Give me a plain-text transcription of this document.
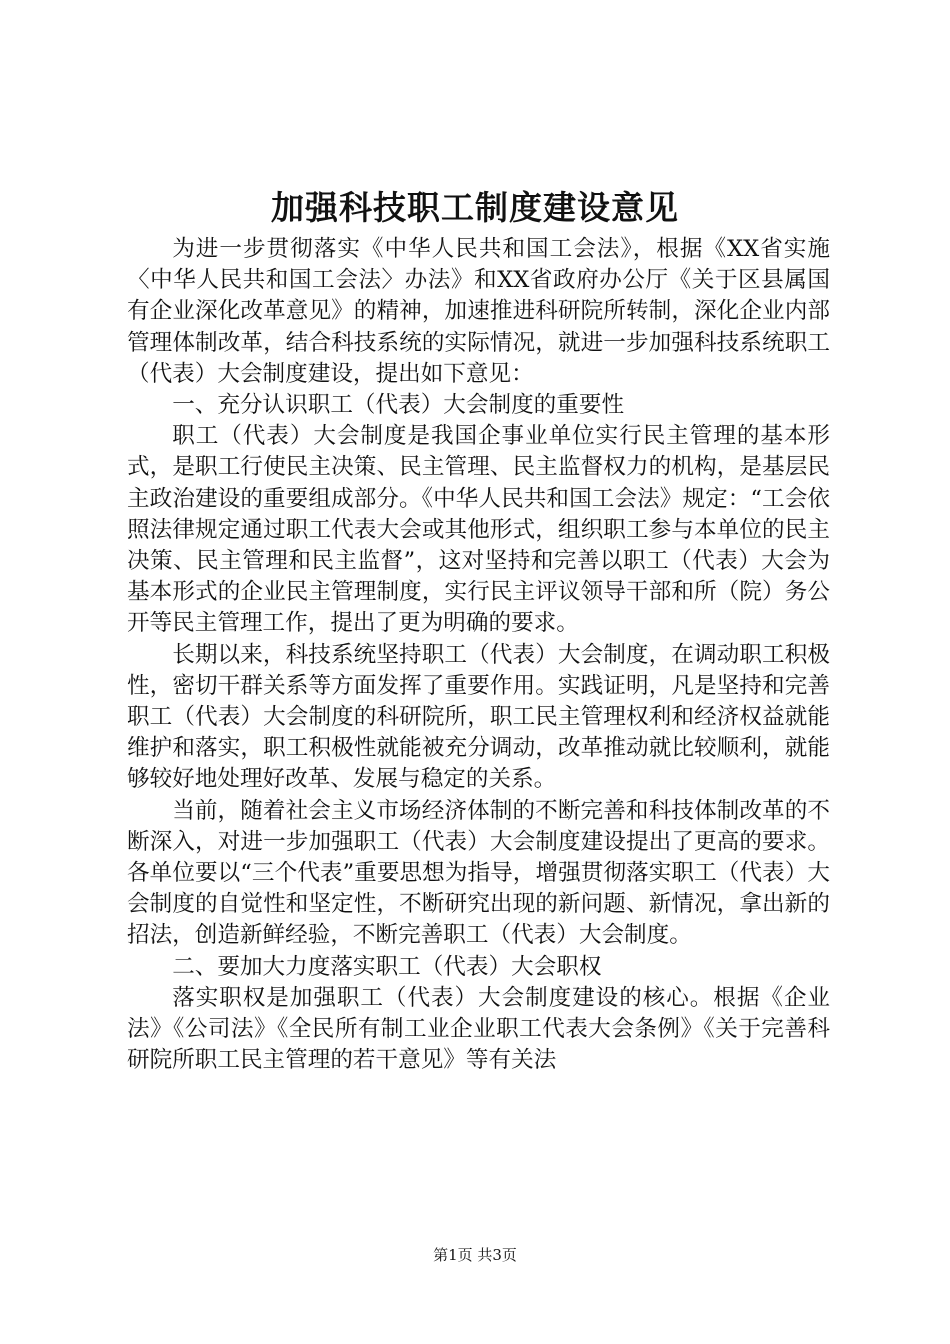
加强科技职工制度建设意见

为进一步贯彻落实《中华人民共和国工会法》，根据《XX省实施〈中华人民共和国工会法〉办法》和XX省政府办公厅《关于区县属国有企业深化改革意见》的精神，加速推进科研院所转制，深化企业内部管理体制改革，结合科技系统的实际情况，就进一步加强科技系统职工（代表）大会制度建设，提出如下意见：

一、充分认识职工（代表）大会制度的重要性

职工（代表）大会制度是我国企事业单位实行民主管理的基本形式，是职工行使民主决策、民主管理、民主监督权力的机构，是基层民主政治建设的重要组成部分。《中华人民共和国工会法》规定：“工会依照法律规定通过职工代表大会或其他形式，组织职工参与本单位的民主决策、民主管理和民主监督”，这对坚持和完善以职工（代表）大会为基本形式的企业民主管理制度，实行民主评议领导干部和所（院）务公开等民主管理工作，提出了更为明确的要求。

长期以来，科技系统坚持职工（代表）大会制度，在调动职工积极性，密切干群关系等方面发挥了重要作用。实践证明，凡是坚持和完善职工（代表）大会制度的科研院所，职工民主管理权利和经济权益就能维护和落实，职工积极性就能被充分调动，改革推动就比较顺利，就能够较好地处理好改革、发展与稳定的关系。

当前，随着社会主义市场经济体制的不断完善和科技体制改革的不断深入，对进一步加强职工（代表）大会制度建设提出了更高的要求。各单位要以“三个代表”重要思想为指导，增强贯彻落实职工（代表）大会制度的自觉性和坚定性，不断研究出现的新问题、新情况，拿出新的招法，创造新鲜经验，不断完善职工（代表）大会制度。

二、要加大力度落实职工（代表）大会职权

落实职权是加强职工（代表）大会制度建设的核心。根据《企业法》《公司法》《全民所有制工业企业职工代表大会条例》《关于完善科研院所职工民主管理的若干意见》等有关法

第1页 共3页
